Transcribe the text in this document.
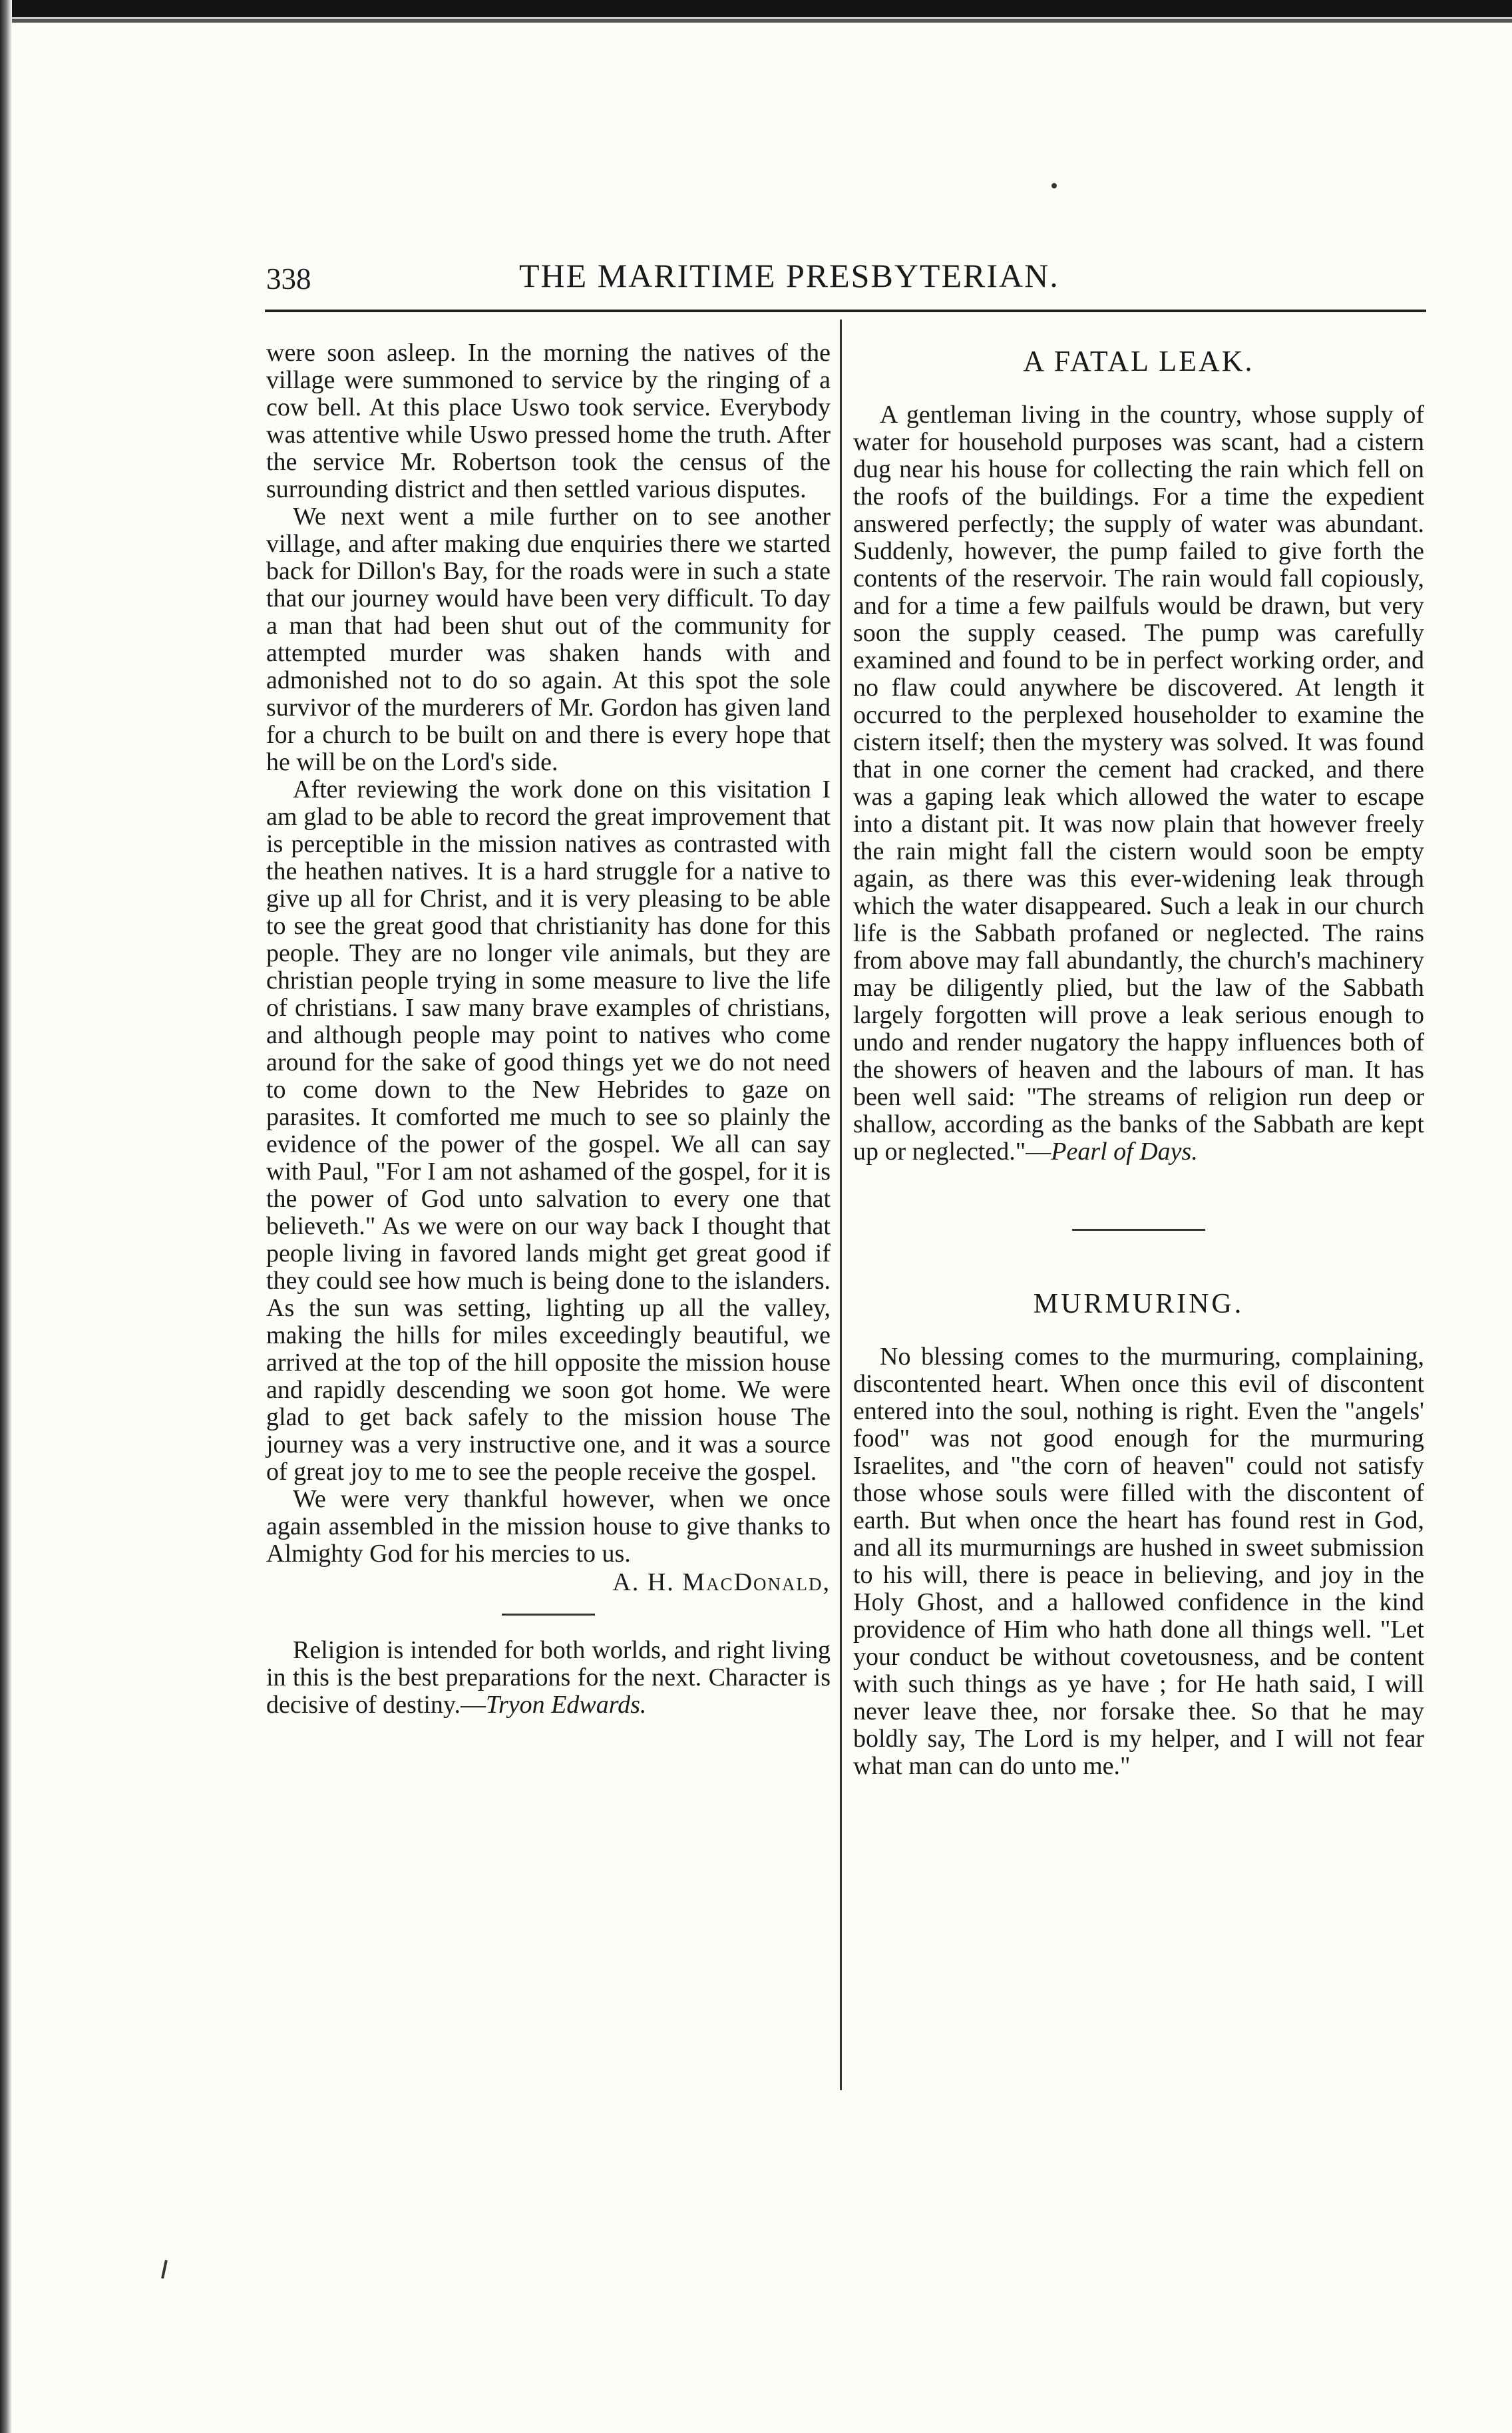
338	THE MARITIME PRESBYTERIAN.

were soon asleep. In the morning the natives of the village were summoned to service by the ringing of a cow bell. At this place Uswo took service. Everybody was attentive while Uswo pressed home the truth. After the service Mr. Robertson took the census of the surrounding district and then settled various disputes.

We next went a mile further on to see another village, and after making due enquiries there we started back for Dillon's Bay, for the roads were in such a state that our journey would have been very difficult. To day a man that had been shut out of the community for attempted murder was shaken hands with and admonished not to do so again. At this spot the sole survivor of the murderers of Mr. Gordon has given land for a church to be built on and there is every hope that he will be on the Lord's side.

After reviewing the work done on this visitation I am glad to be able to record the great improvement that is perceptible in the mission natives as contrasted with the heathen natives. It is a hard struggle for a native to give up all for Christ, and it is very pleasing to be able to see the great good that christianity has done for this people. They are no longer vile animals, but they are christian people trying in some measure to live the life of christians. I saw many brave examples of christians, and although people may point to natives who come around for the sake of good things yet we do not need to come down to the New Hebrides to gaze on parasites. It comforted me much to see so plainly the evidence of the power of the gospel. We all can say with Paul, "For I am not ashamed of the gospel, for it is the power of God unto salvation to every one that believeth." As we were on our way back I thought that people living in favored lands might get great good if they could see how much is being done to the islanders. As the sun was setting, lighting up all the valley, making the hills for miles exceedingly beautiful, we arrived at the top of the hill opposite the mission house and rapidly descending we soon got home. We were glad to get back safely to the mission house The journey was a very instructive one, and it was a source of great joy to me to see the people receive the gospel.

We were very thankful however, when we once again assembled in the mission house to give thanks to Almighty God for his mercies to us.

A. H. MacDonald,

Religion is intended for both worlds, and right living in this is the best preparations for the next. Character is decisive of destiny.—Tryon Edwards.

A FATAL LEAK.

A gentleman living in the country, whose supply of water for household purposes was scant, had a cistern dug near his house for collecting the rain which fell on the roofs of the buildings. For a time the expedient answered perfectly; the supply of water was abundant. Suddenly, however, the pump failed to give forth the contents of the reservoir. The rain would fall copiously, and for a time a few pailfuls would be drawn, but very soon the supply ceased. The pump was carefully examined and found to be in perfect working order, and no flaw could anywhere be discovered. At length it occurred to the perplexed householder to examine the cistern itself; then the mystery was solved. It was found that in one corner the cement had cracked, and there was a gaping leak which allowed the water to escape into a distant pit. It was now plain that however freely the rain might fall the cistern would soon be empty again, as there was this ever-widening leak through which the water disappeared. Such a leak in our church life is the Sabbath profaned or neglected. The rains from above may fall abundantly, the church's machinery may be diligently plied, but the law of the Sabbath largely forgotten will prove a leak serious enough to undo and render nugatory the happy influences both of the showers of heaven and the labours of man. It has been well said: "The streams of religion run deep or shallow, according as the banks of the Sabbath are kept up or neglected."—Pearl of Days.

MURMURING.

No blessing comes to the murmuring, complaining, discontented heart. When once this evil of discontent entered into the soul, nothing is right. Even the "angels' food" was not good enough for the murmuring Israelites, and "the corn of heaven" could not satisfy those whose souls were filled with the discontent of earth. But when once the heart has found rest in God, and all its murmurnings are hushed in sweet submission to his will, there is peace in believing, and joy in the Holy Ghost, and a hallowed confidence in the kind providence of Him who hath done all things well. "Let your conduct be without covetousness, and be content with such things as ye have ; for He hath said, I will never leave thee, nor forsake thee. So that he may boldly say, The Lord is my helper, and I will not fear what man can do unto me."
